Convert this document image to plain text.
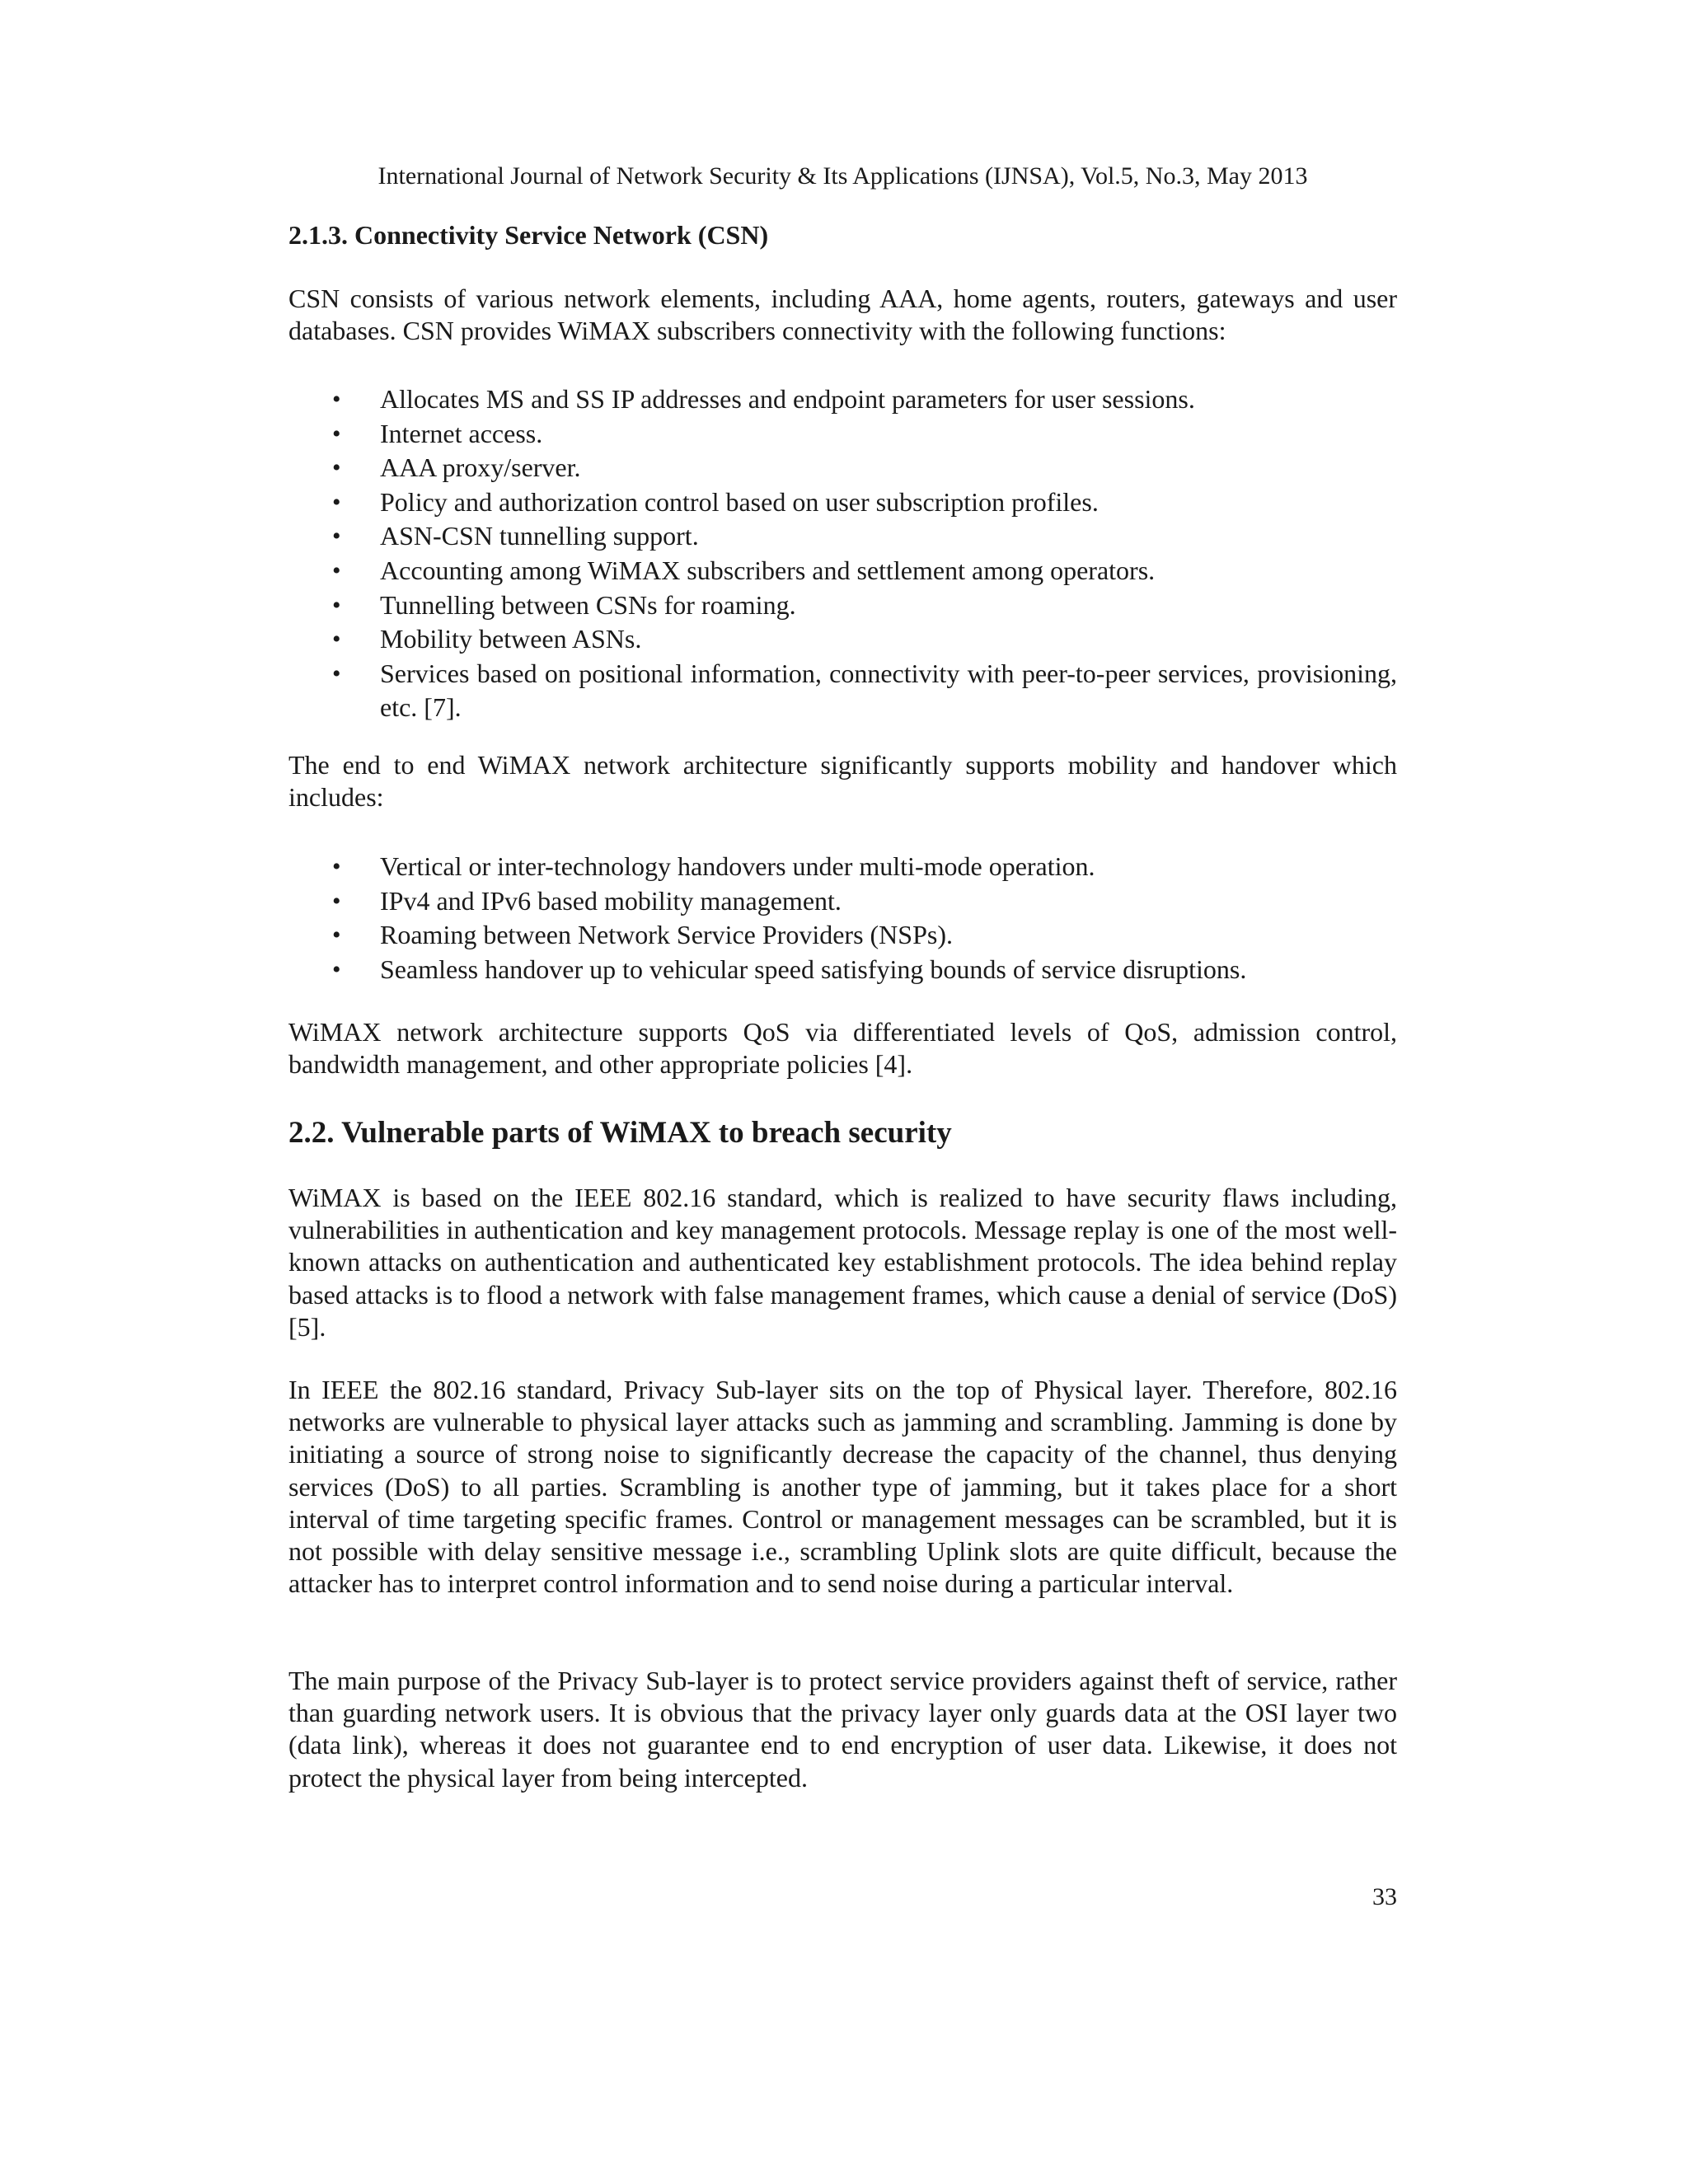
International Journal of Network Security & Its Applications (IJNSA), Vol.5, No.3, May 2013
2.1.3. Connectivity Service Network (CSN)

CSN consists of various network elements, including AAA, home agents, routers, gateways and user databases. CSN provides WiMAX subscribers connectivity with the following functions:

• Allocates MS and SS IP addresses and endpoint parameters for user sessions.
• Internet access.
• AAA proxy/server.
• Policy and authorization control based on user subscription profiles.
• ASN-CSN tunnelling support.
• Accounting among WiMAX subscribers and settlement among operators.
• Tunnelling between CSNs for roaming.
• Mobility between ASNs.
• Services based on positional information, connectivity with peer-to-peer services, provisioning, etc. [7].

The end to end WiMAX network architecture significantly supports mobility and handover which includes:

• Vertical or inter-technology handovers under multi-mode operation.
• IPv4 and IPv6 based mobility management.
• Roaming between Network Service Providers (NSPs).
• Seamless handover up to vehicular speed satisfying bounds of service disruptions.

WiMAX network architecture supports QoS via differentiated levels of QoS, admission control, bandwidth management, and other appropriate policies [4].

2.2. Vulnerable parts of WiMAX to breach security

WiMAX is based on the IEEE 802.16 standard, which is realized to have security flaws including, vulnerabilities in authentication and key management protocols. Message replay is one of the most well-known attacks on authentication and authenticated key establishment protocols. The idea behind replay based attacks is to flood a network with false management frames, which cause a denial of service (DoS) [5].

In IEEE the 802.16 standard, Privacy Sub-layer sits on the top of Physical layer. Therefore, 802.16 networks are vulnerable to physical layer attacks such as jamming and scrambling. Jamming is done by initiating a source of strong noise to significantly decrease the capacity of the channel, thus denying services (DoS) to all parties. Scrambling is another type of jamming, but it takes place for a short interval of time targeting specific frames. Control or management messages can be scrambled, but it is not possible with delay sensitive message i.e., scrambling Uplink slots are quite difficult, because the attacker has to interpret control information and to send noise during a particular interval.

The main purpose of the Privacy Sub-layer is to protect service providers against theft of service, rather than guarding network users. It is obvious that the privacy layer only guards data at the OSI layer two (data link), whereas it does not guarantee end to end encryption of user data. Likewise, it does not protect the physical layer from being intercepted.

33
